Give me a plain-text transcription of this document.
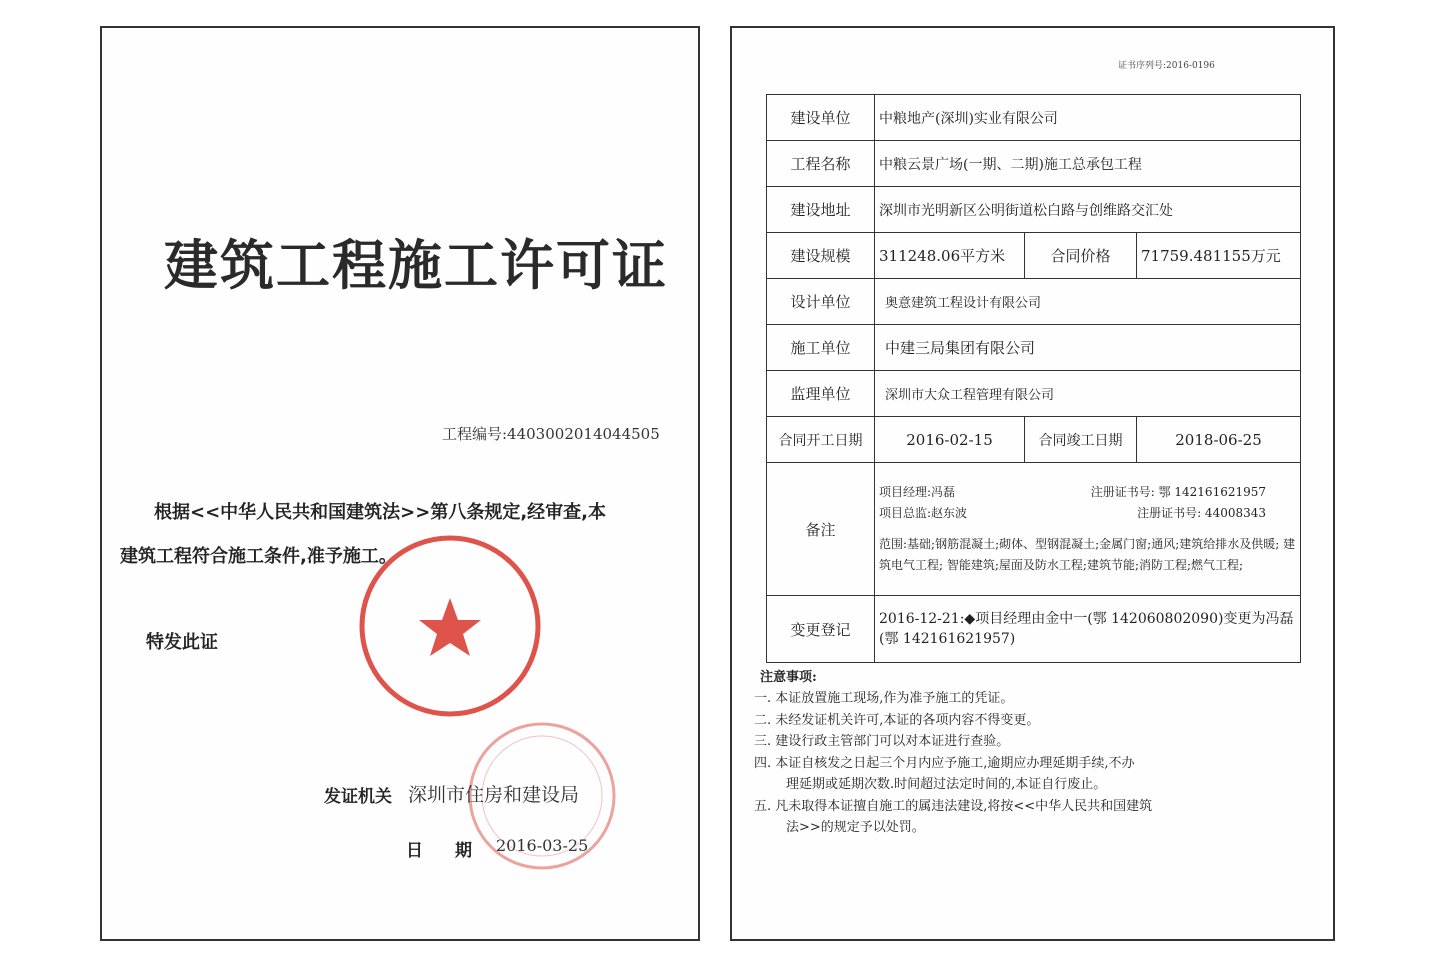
建筑工程施工许可证
工程编号:4403002014044505
根据<<中华人民共和国建筑法>>第八条规定,经审查,本
建筑工程符合施工条件,准予施工。
特发此证
发证机关 深圳市住房和建设局
日期
2016-03-25
证书序列号:2016-0196
建设单位	中粮地产(深圳)实业有限公司		
工程名称	中粮云景广场(一期、二期)施工总承包工程		
建设地址	深圳市光明新区公明街道松白路与创维路交汇处		
建设规模	311248.06平方米	合同价格	71759.481155万元
设计单位	奥意建筑工程设计有限公司		
施工单位	中建三局集团有限公司		
监理单位	深圳市大众工程管理有限公司		
合同开工日期	2016-02-15	合同竣工日期	2018-06-25
备注	项目经理:冯磊 注册证书号: 鄂 142161621957
项目总监:赵东波 注册证书号: 44008343
范围:基础;钢筋混凝土;砌体、型钢混凝土;金属门窗;通风;建筑给排水及供暖; 建筑电气工程; 智能建筑;屋面及防水工程;建筑节能;消防工程;燃气工程;		

变更登记	2016-12-21:◆项目经理由金中一(鄂 142060802090)变更为冯磊(鄂 142161621957)		
注意事项:
一. 本证放置施工现场,作为准予施工的凭证。
二. 未经发证机关许可,本证的各项内容不得变更。
三. 建设行政主管部门可以对本证进行查验。
四. 本证自核发之日起三个月内应予施工,逾期应办理延期手续,不办
理延期或延期次数.时间超过法定时间的,本证自行废止。
五. 凡未取得本证擅自施工的属违法建设,将按<<中华人民共和国建筑
法>>的规定予以处罚。
